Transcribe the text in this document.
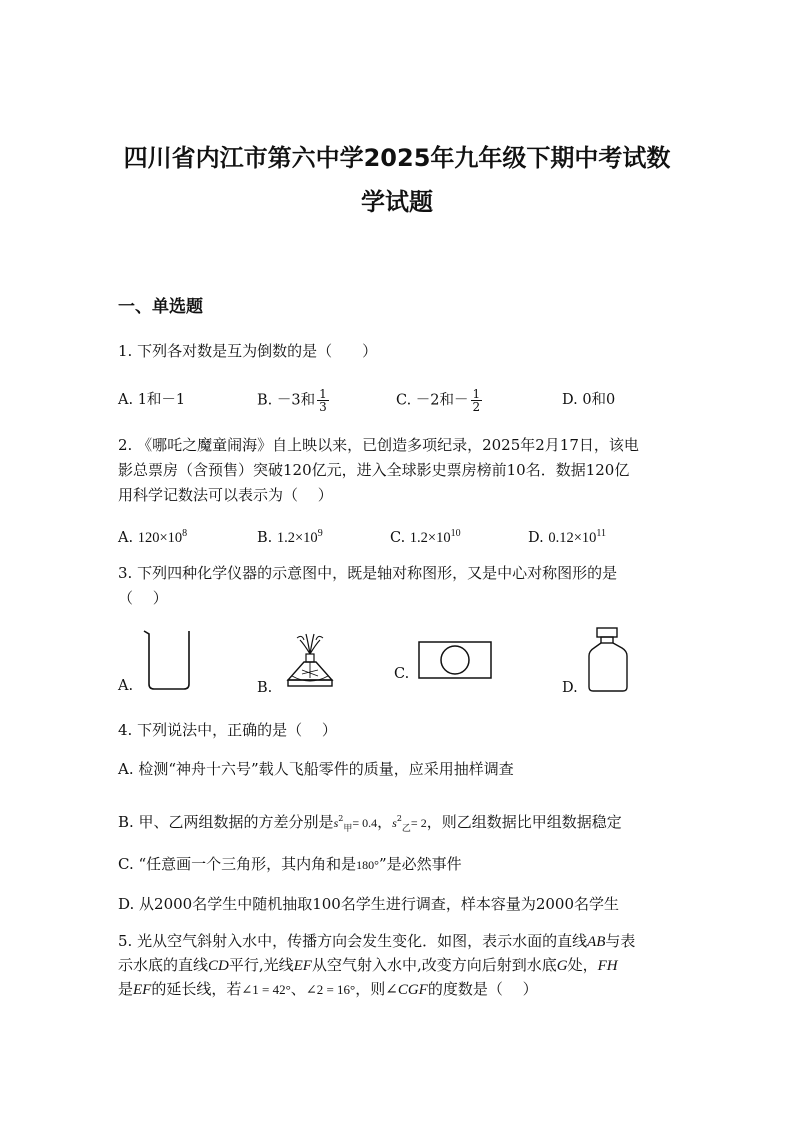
四川省内江市第六中学2025年九年级下期中考试数
学试题
一、单选题
1. 下列各对数是互为倒数的是（　　）
A. 1和－1	B. －3和 $\frac{1}{3}$	C. －2和－ $\frac{1}{2}$	D. 0和0
2. 《哪吒之魔童闹海》自上映以来，已创造多项纪录，2025年2月17日，该电
影总票房（含预售）突破120亿元，进入全球影史票房榜前10名．数据120亿
用科学记数法可以表示为（　 ）
A. $120\times 10^8$	B. $1.2\times 10^9$	C. $1.2\times 10^{10}$	D. $0.12\times 10^{11}$
3. 下列四种化学仪器的示意图中，既是轴对称图形，又是中心对称图形的是
（　 ）
A.	B.
C.
D.
4. 下列说法中，正确的是（　 ）
A. 检测“神舟十六号”载人飞船零件的质量，应采用抽样调查
B. 甲、乙两组数据的方差分别是$s^2_甲= 0.4$，$s^2_乙= 2$，则乙组数据比甲组数据稳定
C. “任意画一个三角形，其内角和是180°”是必然事件
D. 从2000名学生中随机抽取100名学生进行调查，样本容量为2000名学生
5. 光从空气斜射入水中，传播方向会发生变化．如图，表示水面的直线AB与表
示水底的直线CD平行,光线EF从空气射入水中,改变方向后射到水底G处，FH
是EF的延长线，若∠1 = 42°、∠2 = 16°，则∠CGF的度数是（　 ）
